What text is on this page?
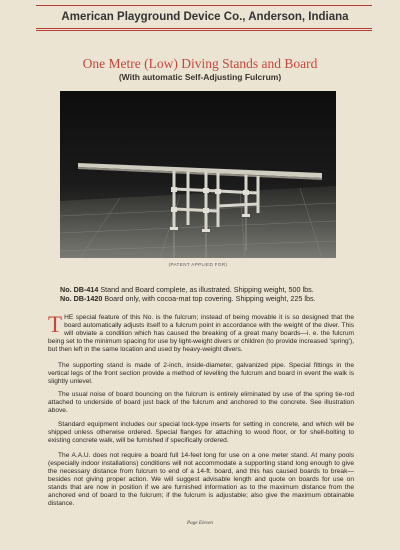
American Playground Device Co., Anderson, Indiana
One Metre (Low) Diving Stands and Board
(With automatic Self-Adjusting Fulcrum)
(PATENT APPLIED FOR)
No. DB-414 Stand and Board complete, as illustrated. Shipping weight, 500 lbs.
No. DB-1420 Board only, with cocoa-mat top covering. Shipping weight, 225 lbs.
THE special feature of this No. is the fulcrum; instead of being movable it is so designed that the board automatically adjusts itself to a fulcrum point in accordance with the weight of the diver. This will obviate a condition which has caused the breaking of a great many boards—i. e. the fulcrum being set to the minimum spacing for use by light-weight divers or children (to provide increased 'spring'), but then left in the same location and used by heavy-weight divers.
The supporting stand is made of 2-inch, inside-diameter, galvanized pipe. Special fittings in the vertical legs of the front section provide a method of levelling the fulcrum and board in event the walk is slightly unlevel.
The usual noise of board bouncing on the fulcrum is entirely eliminated by use of the spring tie-rod attached to underside of board just back of the fulcrum and anchored to the concrete. See illustration above.
Standard equipment includes our special lock-type inserts for setting in concrete, and which will be shipped unless otherwise ordered. Special flanges for attaching to wood floor, or for shell-bolting to existing concrete walk, will be furnished if specifically ordered.
The A.A.U. does not require a board full 14-feet long for use on a one meter stand. At many pools (especially indoor installations) conditions will not accommodate a supporting stand long enough to give the necessary distance from fulcrum to end of a 14-ft. board, and this has caused boards to break—besides not giving proper action. We will suggest advisable length and quote on boards for use on stands that are now in position if we are furnished information as to the maximum distance from the anchored end of board to the fulcrum; if the fulcrum is adjustable; also give the maximum obtainable distance.
Page Eleven
